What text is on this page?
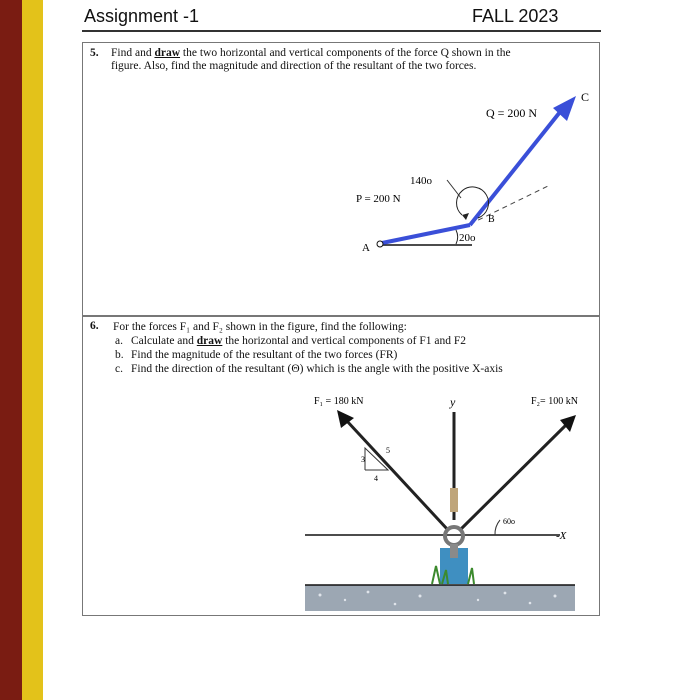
Assignment -1	FALL 2023
5. Find and draw the two horizontal and vertical components of the force Q shown in the
figure. Also, find the magnitude and direction of the resultant of the two forces.
Q = 200 N
C
P = 200 N
140o
20o
B
A
6. For the forces F₁ and F₂ shown in the figure, find the following:
a. Calculate and draw the horizontal and vertical components of F1 and F2
b. Find the magnitude of the resultant of the two forces (FR)
c. Find the direction of the resultant (Θ) which is the angle with the positive X-axis
F₁ = 180 kN	y	F₂= 100 kN
3
4
5
60o
-X
